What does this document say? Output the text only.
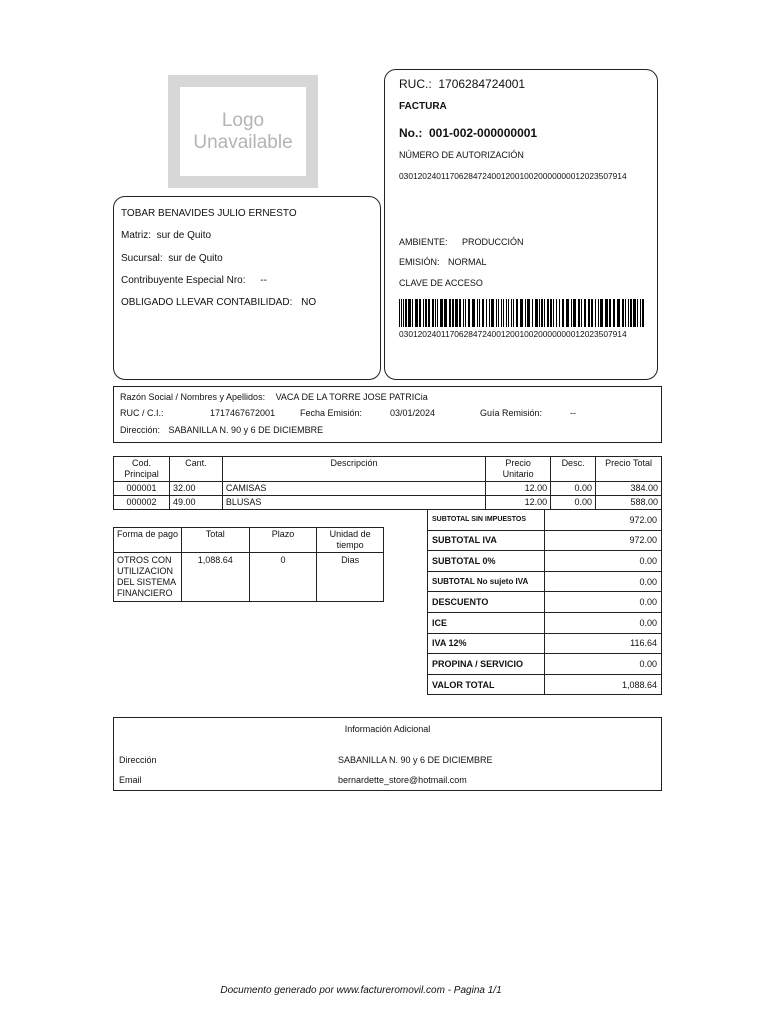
Logo
Unavailable
RUC.: 1706284724001
FACTURA
No.: 001-002-000000001
NÚMERO DE AUTORIZACIÓN
0301202401170628472400120010020000000012023507914
AMBIENTE: PRODUCCIÓN
EMISIÓN: NORMAL
CLAVE DE ACCESO
0301202401170628472400120010020000000012023507914
TOBAR BENAVIDES JULIO ERNESTO
Matriz: sur de Quito
Sucursal: sur de Quito
Contribuyente Especial Nro: --
OBLIGADO LLEVAR CONTABILIDAD: NO
Razón Social / Nombres y Apellidos: VACA DE LA TORRE JOSE PATRICia
RUC / C.I.:	1717467672001	Fecha Emisión:	03/01/2024	Guía Remisión:	--
Dirección: SABANILLA N. 90 y 6 DE DICIEMBRE
Cod.
Principal	Cant.	Descripción	Precio
Unitario	Desc.	Precio Total
000001	32.00	CAMISAS	12.00	0.00	384.00
000002	49.00	BLUSAS	12.00	0.00	588.00
Forma de pago	Total	Plazo	Unidad de
tiempo
OTROS CON
UTILIZACION
DEL SISTEMA
FINANCIERO	1,088.64	0	Dias
SUBTOTAL SIN IMPUESTOS	972.00
SUBTOTAL IVA	972.00
SUBTOTAL 0%	0.00
SUBTOTAL No sujeto IVA	0.00
DESCUENTO	0.00
ICE	0.00
IVA 12%	116.64
PROPINA / SERVICIO	0.00
VALOR TOTAL	1,088.64
Información Adicional
Dirección	SABANILLA N. 90 y 6 DE DICIEMBRE
Email	bernardette_store@hotmail.com
Documento generado por www.factureromovil.com - Pagina 1/1
